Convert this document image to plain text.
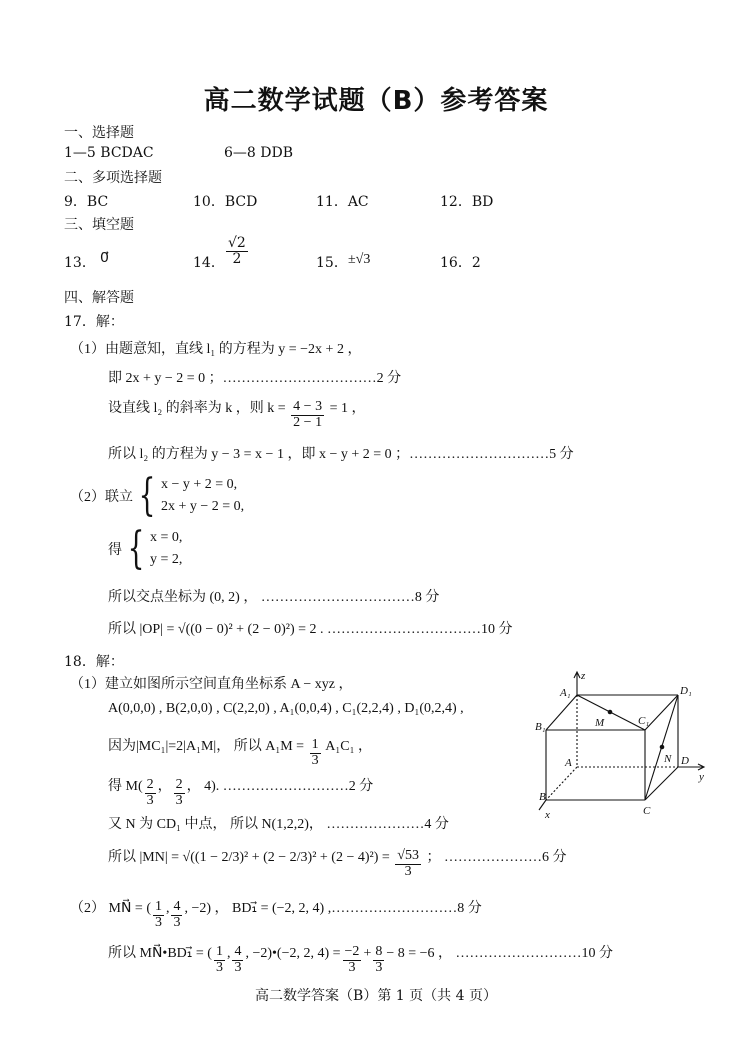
高二数学试题（B）参考答案
一、选择题
1—5 BCDAC	6—8 DDB
二、多项选择题
9．BC	10．BCD	11．AC	12．BD
三、填空题
13． 0⃗	14． $\frac{√2}{2}$	15． ±√3	16．2
四、解答题
17．解：
（1）由题意知，直线 l₁ 的方程为 y = −2x + 2 ，
即 2x + y − 2 = 0 ；……………………………2 分
设直线 l₂ 的斜率为 k ，则 $k = \frac{4 - 3}{2 - 1} = 1$ ，
所以 l₂ 的方程为 y − 3 = x − 1 ，即 x − y + 2 = 0 ；…………………………5 分
（2）联立 { x − y + 2 = 0,
2x + y − 2 = 0,
得 { x = 0,
y = 2,
所以交点坐标为 (0, 2) ， ……………………………8 分
所以 |OP| = √((0 − 0)² + (2 − 0)²) = 2 . ……………………………10 分
18．解：
（1）建立如图所示空间直角坐标系 A − xyz ，
A(0,0,0) , B(2,0,0) , C(2,2,0) , A₁(0,0,4) , C₁(2,2,4) , D₁(0,2,4) ,
因为|MC₁|=2|A₁M|， 所以 $A_1M = \frac{1}{3} A_1C_1$ ，
得 $M( \frac{2}{3}$ ， $\frac{2}{3}$ ， 4). ………………………2 分
又 N 为 CD₁ 中点， 所以 N(1,2,2)， …………………4 分
所以 $|MN| = √((1 - 2/3)^2 + (2 - 2/3)^2 + (2 - 4)^2) = \frac{√53}{3}$ ； …………………6 分
（2） MN⃗ = ( $\frac{1}{3}$ , $\frac{4}{3}$ , −2) ， BD₁⃗ = (−2, 2, 4) ,………………………8 分
所以 MN⃗•BD₁⃗ = ( $\frac{1}{3}$ , $\frac{4}{3}$ , −2)•(−2, 2, $4) = \frac{-2}{3} + \frac{8}{3} - 8 = -6$ ， ………………………10 分
A₁
z
D₁
M	C₁
B₁
A	N D
y
B
C
x
高二数学答案（B）第 1 页（共 4 页）
